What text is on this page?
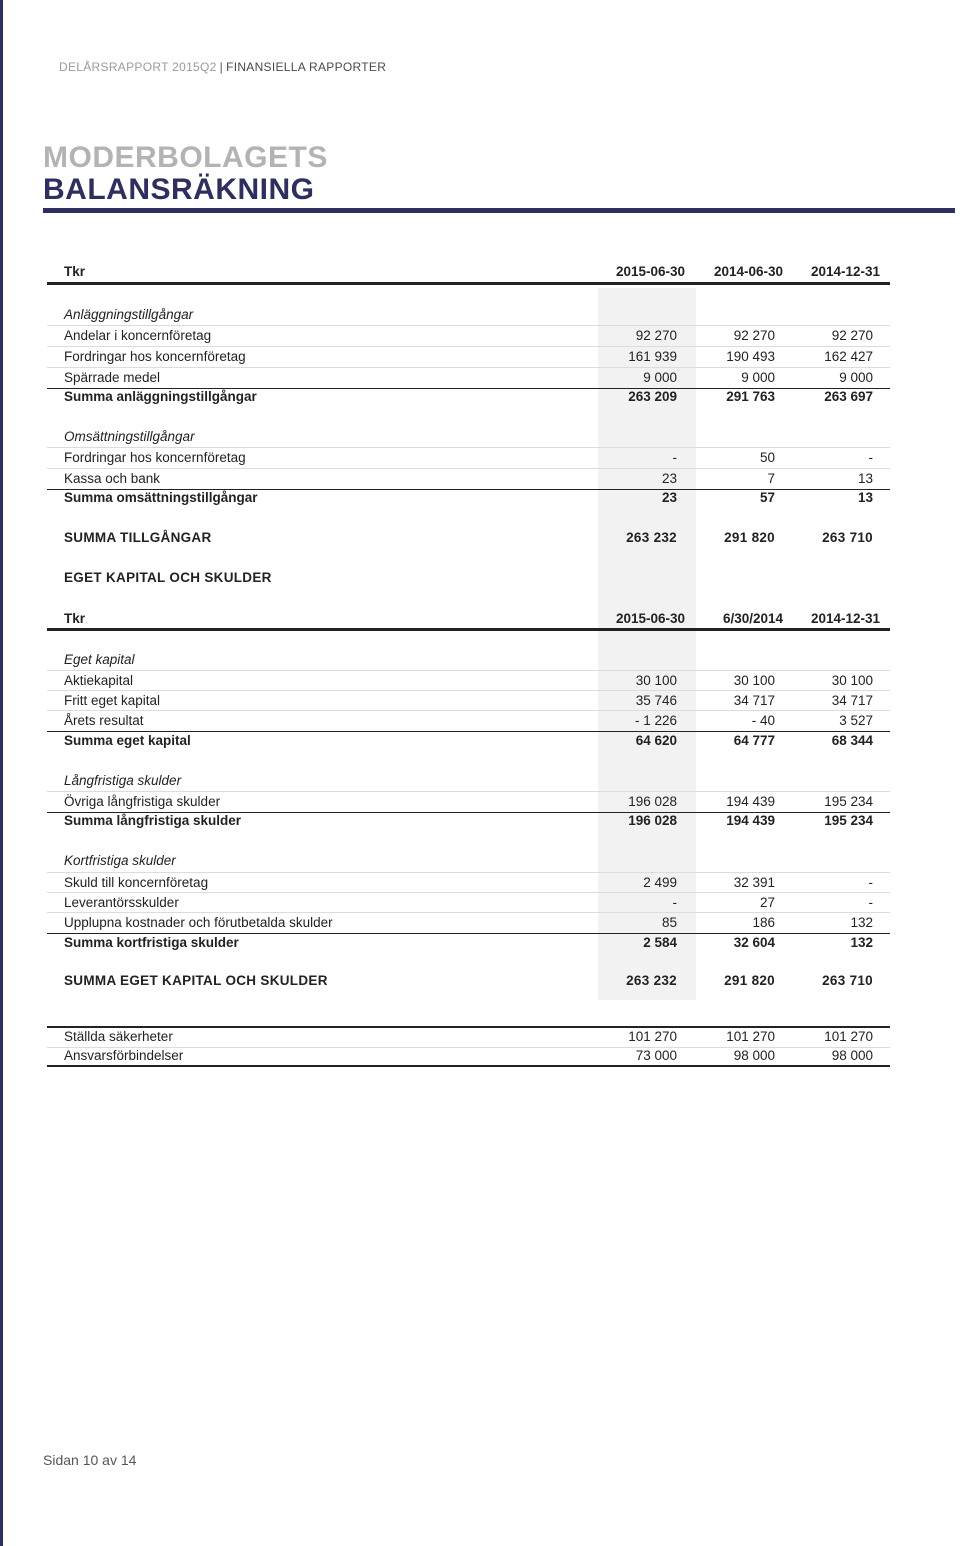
DELÅRSRAPPORT 2015Q2 | FINANSIELLA RAPPORTER
MODERBOLAGETS
BALANSRÄKNING
Tkr	2015-06-30 2014-06-30 2014-12-31
Anläggningstillgångar
Andelar i koncernföretag	92 270	92 270	92 270
Fordringar hos koncernföretag	161 939	190 493	162 427
Spärrade medel	9 000	9 000	9 000
Summa anläggningstillgångar	263 209	291 763	263 697
Omsättningstillgångar
Fordringar hos koncernföretag	-	50	-
Kassa och bank	23	7	13
Summa omsättningstillgångar	23	57	13
SUMMA TILLGÅNGAR	263 232	291 820	263 710
EGET KAPITAL OCH SKULDER
Tkr	2015-06-30	6/30/2014 2014-12-31
Eget kapital
Aktiekapital	30 100	30 100	30 100
Fritt eget kapital	35 746	34 717	34 717
Årets resultat	- 1 226	- 40	3 527
Summa eget kapital	64 620	64 777	68 344
Långfristiga skulder
Övriga långfristiga skulder	196 028	194 439	195 234
Summa långfristiga skulder	196 028	194 439	195 234
Kortfristiga skulder
Skuld till koncernföretag	2 499	32 391	-
Leverantörsskulder	-	27	-
Upplupna kostnader och förutbetalda skulder	85	186	132
Summa kortfristiga skulder	2 584	32 604	132
SUMMA EGET KAPITAL OCH SKULDER	263 232	291 820	263 710
Ställda säkerheter	101 270	101 270	101 270
Ansvarsförbindelser	73 000	98 000	98 000
Sidan 10 av 14
